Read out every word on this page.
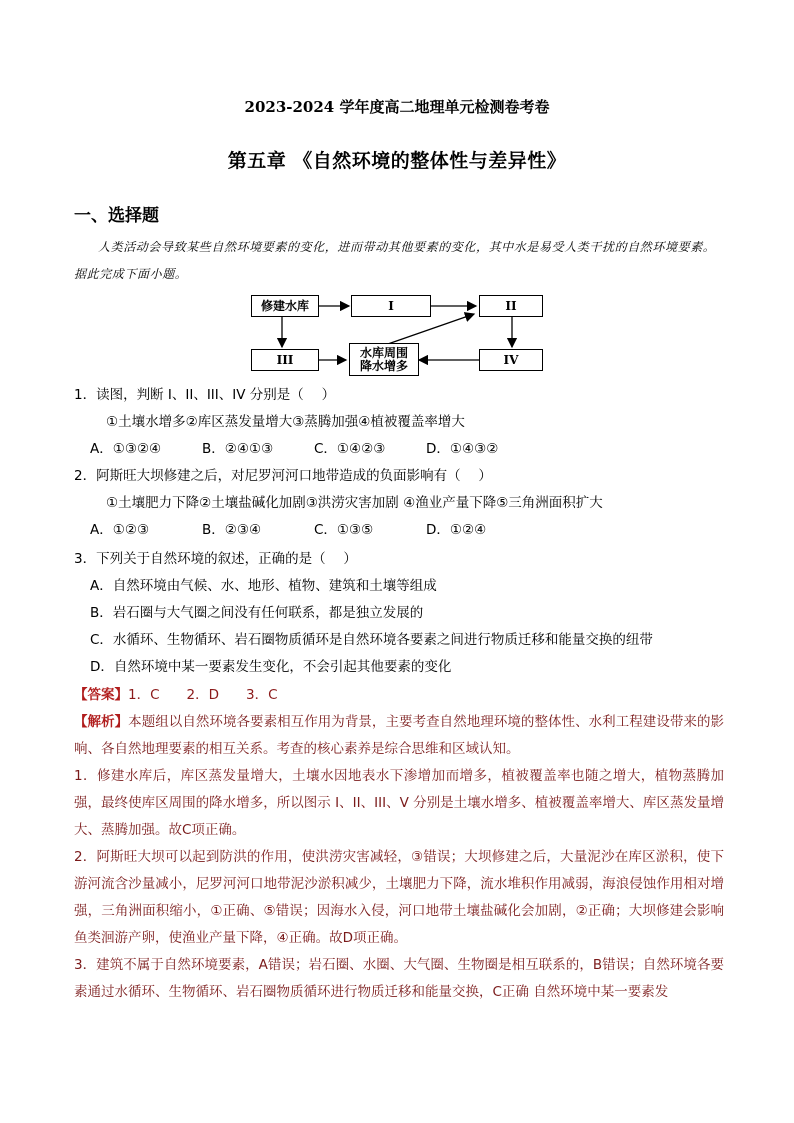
2023-2024 学年度高二地理单元检测卷考卷
第五章 《自然环境的整体性与差异性》
一、选择题
人类活动会导致某些自然环境要素的变化，进而带动其他要素的变化，其中水是易受人类干扰的自然环境要素。据此完成下面小题。
修建水库	I	II
III	水库周围
降水增多	IV
1．读图，判断 I、II、III、IV 分别是（　 ）
①土壤水增多②库区蒸发量增大③蒸腾加强④植被覆盖率增大
A．①③②④	B．②④①③	C．①④②③	D．①④③②
2．阿斯旺大坝修建之后，对尼罗河河口地带造成的负面影响有（　 ）
①土壤肥力下降②土壤盐碱化加剧③洪涝灾害加剧 ④渔业产量下降⑤三角洲面积扩大
A．①②③	B．②③④	C．①③⑤	D．①②④
3．下列关于自然环境的叙述，正确的是（　 ）
A．自然环境由气候、水、地形、植物、建筑和土壤等组成
B．岩石圈与大气圈之间没有任何联系，都是独立发展的
C．水循环、生物循环、岩石圈物质循环是自然环境各要素之间进行物质迁移和能量交换的纽带
D．自然环境中某一要素发生变化，不会引起其他要素的变化
【答案】1．C　　2．D　　3．C

【解析】本题组以自然环境各要素相互作用为背景，主要考查自然地理环境的整体性、水利工程建设带来的影响、各自然地理要素的相互关系。考查的核心素养是综合思维和区域认知。

1．修建水库后，库区蒸发量增大，土壤水因地表水下渗增加而增多，植被覆盖率也随之增大，植物蒸腾加强，最终使库区周围的降水增多，所以图示 I、II、III、V 分别是土壤水增多、植被覆盖率增大、库区蒸发量增大、蒸腾加强。故C项正确。

2．阿斯旺大坝可以起到防洪的作用，使洪涝灾害减轻，③错误；大坝修建之后，大量泥沙在库区淤积，使下游河流含沙量减小，尼罗河河口地带泥沙淤积减少，土壤肥力下降，流水堆积作用减弱，海浪侵蚀作用相对增强，三角洲面积缩小，①正确、⑤错误；因海水入侵，河口地带土壤盐碱化会加剧，②正确；大坝修建会影响鱼类洄游产卵，使渔业产量下降，④正确。故D项正确。

3．建筑不属于自然环境要素，A错误；岩石圈、水圈、大气圈、生物圈是相互联系的，B错误；自然环境各要素通过水循环、生物循环、岩石圈物质循环进行物质迁移和能量交换，C正确 自然环境中某一要素发
